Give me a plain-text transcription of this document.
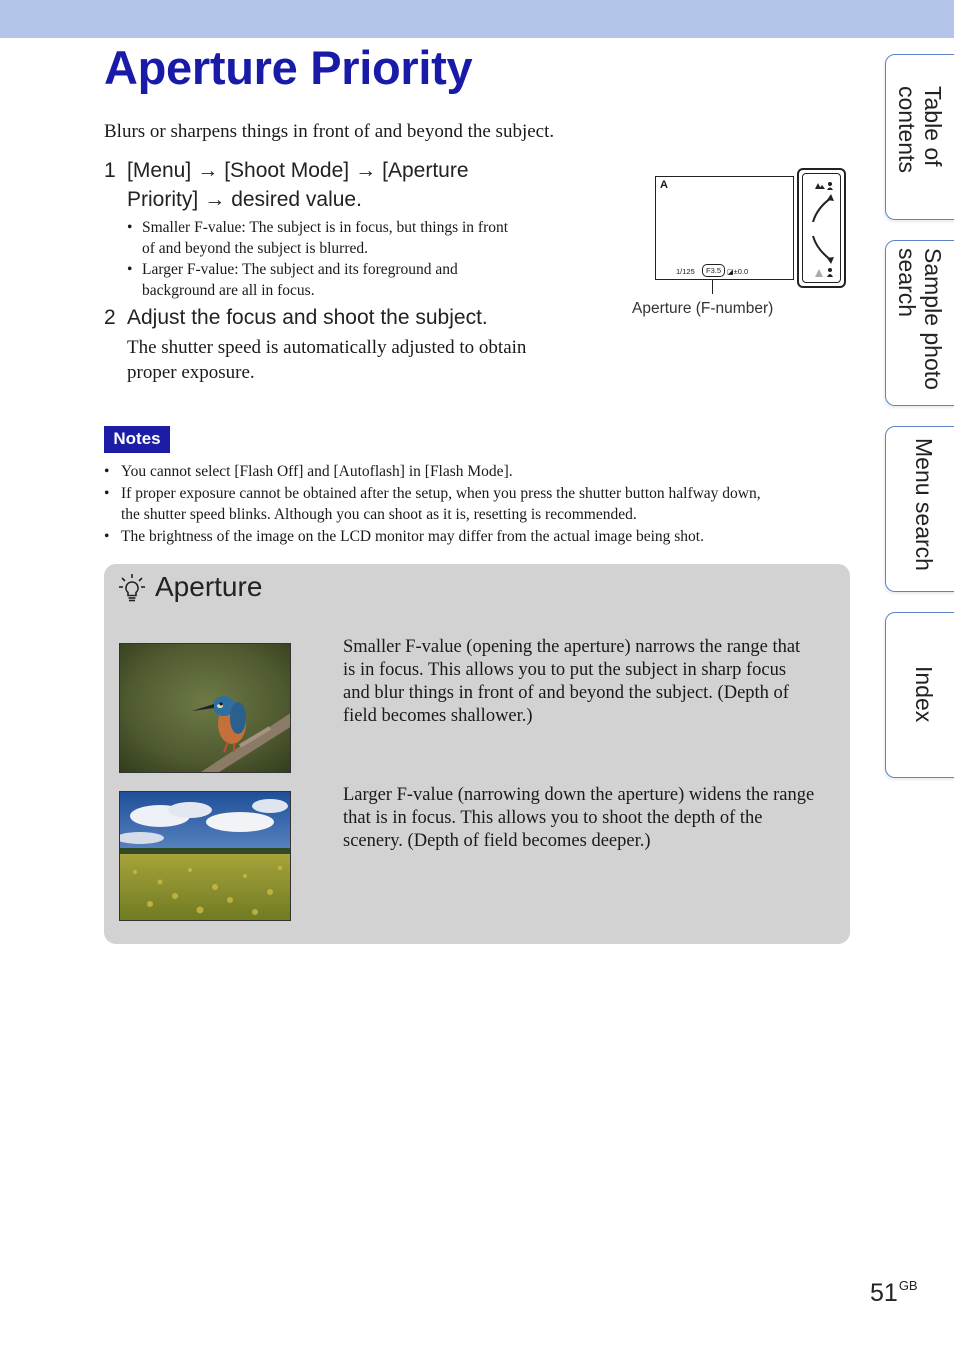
Aperture Priority

Blurs or sharpens things in front of and beyond the subject.

1 [Menu] → [Shoot Mode] → [Aperture
Priority] → desired value.
• Smaller F-value: The subject is in focus, but things in front
of and beyond the subject is blurred.
• Larger F-value: The subject and its foreground and
background are all in focus.
2 Adjust the focus and shoot the subject.
The shutter speed is automatically adjusted to obtain
proper exposure.
A
1/125	F3.5 ◪±0.0
Aperture (F-number)
Notes
• You cannot select [Flash Off] and [Autoflash] in [Flash Mode].
• If proper exposure cannot be obtained after the setup, when you press the shutter button halfway down,
the shutter speed blinks. Although you can shoot as it is, resetting is recommended.
• The brightness of the image on the LCD monitor may differ from the actual image being shot.
Aperture
Smaller F-value (opening the aperture) narrows the range that
is in focus. This allows you to put the subject in sharp focus
and blur things in front of and beyond the subject. (Depth of
field becomes shallower.)
Larger F-value (narrowing down the aperture) widens the range
that is in focus. This allows you to shoot the depth of the
scenery. (Depth of field becomes deeper.)
Table of
contents
Sample photo
search
Menu search
Index
$51^{GB}$
